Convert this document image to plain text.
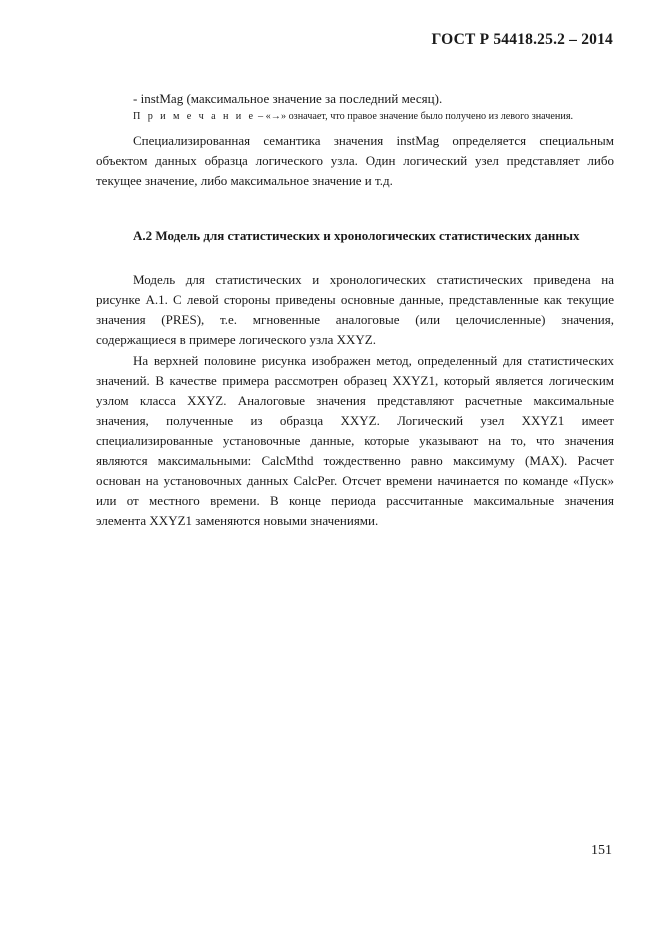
ГОСТ Р 54418.25.2 – 2014
- instMag (максимальное значение за последний месяц).
П р и м е ч а н и е – «→» означает, что правое значение было получено из левого значения.
Специализированная семантика значения instMag определяется специальным
объектом данных образца логического узла. Один логический узел представляет либо
текущее значение, либо максимальное значение и т.д.
А.2 Модель для статистических и хронологических статистических данных
Модель для статистических и хронологических статистических приведена на
рисунке А.1. С левой стороны приведены основные данные, представленные как текущие
значения (PRES), т.е. мгновенные аналоговые (или целочисленные) значения,
содержащиеся в примере логического узла XXYZ.
На верхней половине рисунка изображен метод, определенный для статистических
значений. В качестве примера рассмотрен образец XXYZ1, который является логическим
узлом класса XXYZ. Аналоговые значения представляют расчетные максимальные
значения, полученные из образца XXYZ. Логический узел XXYZ1 имеет
специализированные установочные данные, которые указывают на то, что значения
являются максимальными: CalcMthd тождественно равно максимуму (MAX). Расчет
основан на установочных данных CalcPer. Отсчет времени начинается по команде «Пуск»
или от местного времени. В конце периода рассчитанные максимальные значения
элемента XXYZ1 заменяются новыми значениями.
151
